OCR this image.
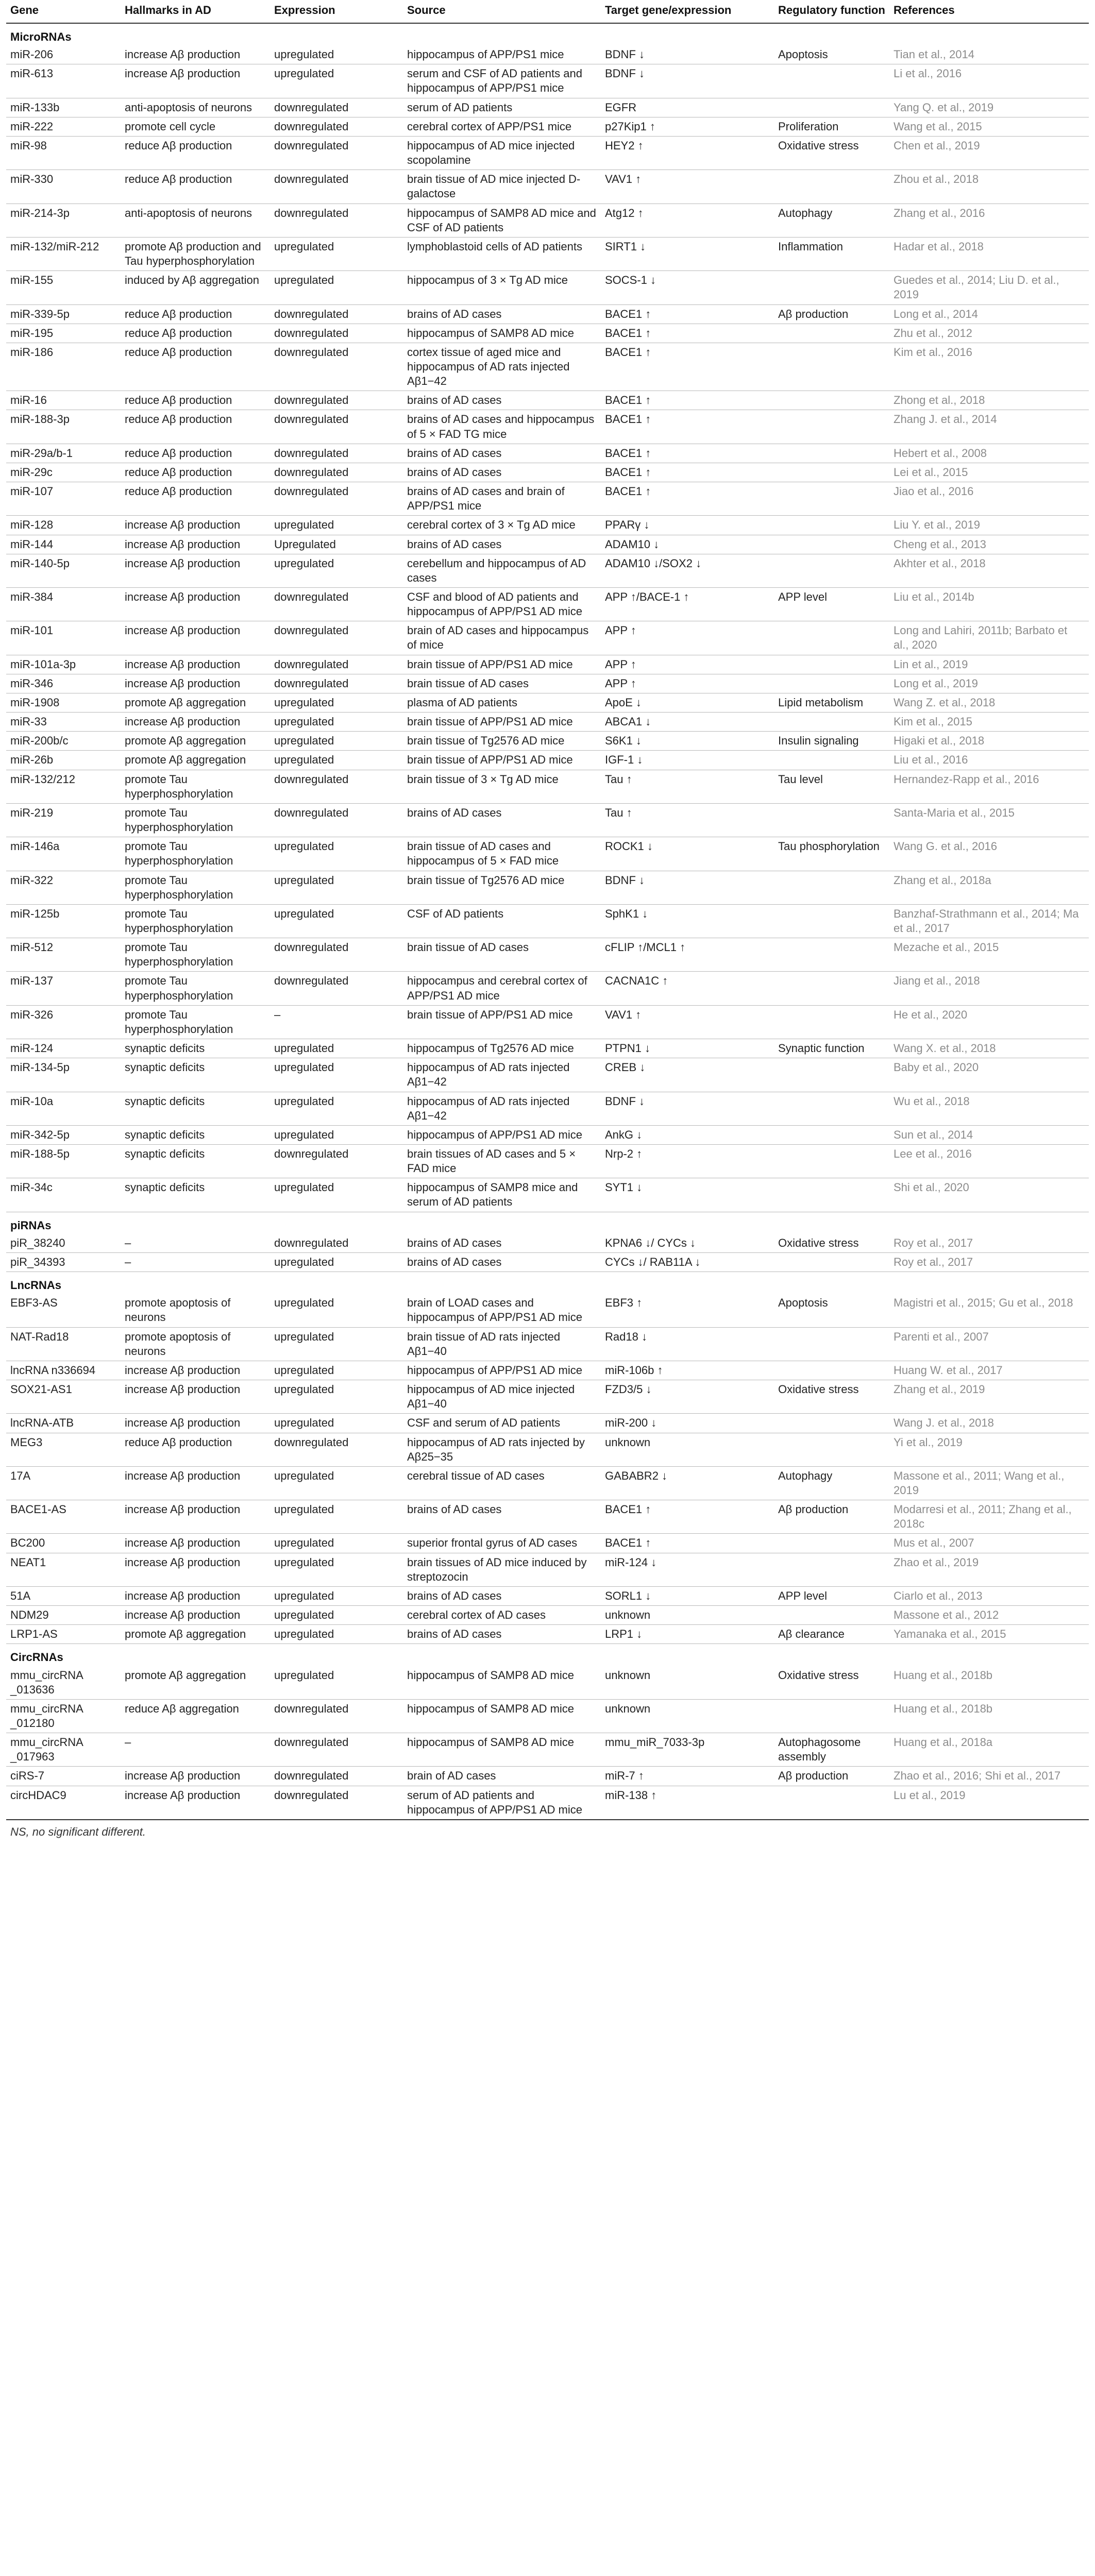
Gene	Hallmarks in AD	Expression	Source	Target gene/expression	Regulatory function	References
MicroRNAs						
miR-206	increase Aβ production	upregulated	hippocampus of APP/PS1 mice	BDNF ↓	Apoptosis	Tian et al., 2014
miR-613	increase Aβ production	upregulated	serum and CSF of AD patients and hippocampus of APP/PS1 mice	BDNF ↓		Li et al., 2016
miR-133b	anti-apoptosis of neurons	downregulated	serum of AD patients	EGFR		Yang Q. et al., 2019
miR-222	promote cell cycle	downregulated	cerebral cortex of APP/PS1 mice	p27Kip1 ↑	Proliferation	Wang et al., 2015
miR-98	reduce Aβ production	downregulated	hippocampus of AD mice injected scopolamine	HEY2 ↑	Oxidative stress	Chen et al., 2019
miR-330	reduce Aβ production	downregulated	brain tissue of AD mice injected D-galactose	VAV1 ↑		Zhou et al., 2018
miR-214-3p	anti-apoptosis of neurons	downregulated	hippocampus of SAMP8 AD mice and CSF of AD patients	Atg12 ↑	Autophagy	Zhang et al., 2016
miR-132/miR-212	promote Aβ production and Tau hyperphosphorylation	upregulated	lymphoblastoid cells of AD patients	SIRT1 ↓	Inflammation	Hadar et al., 2018
miR-155	induced by Aβ aggregation	upregulated	hippocampus of 3 × Tg AD mice	SOCS-1 ↓		Guedes et al., 2014; Liu D. et al., 2019
miR-339-5p	reduce Aβ production	downregulated	brains of AD cases	BACE1 ↑	Aβ production	Long et al., 2014
miR-195	reduce Aβ production	downregulated	hippocampus of SAMP8 AD mice	BACE1 ↑		Zhu et al., 2012
miR-186	reduce Aβ production	downregulated	cortex tissue of aged mice and hippocampus of AD rats injected Aβ1−42	BACE1 ↑		Kim et al., 2016
miR-16	reduce Aβ production	downregulated	brains of AD cases	BACE1 ↑		Zhong et al., 2018
miR-188-3p	reduce Aβ production	downregulated	brains of AD cases and hippocampus of 5 × FAD TG mice	BACE1 ↑		Zhang J. et al., 2014
miR-29a/b-1	reduce Aβ production	downregulated	brains of AD cases	BACE1 ↑		Hebert et al., 2008
miR-29c	reduce Aβ production	downregulated	brains of AD cases	BACE1 ↑		Lei et al., 2015
miR-107	reduce Aβ production	downregulated	brains of AD cases and brain of APP/PS1 mice	BACE1 ↑		Jiao et al., 2016
miR-128	increase Aβ production	upregulated	cerebral cortex of 3 × Tg AD mice	PPARγ ↓		Liu Y. et al., 2019
miR-144	increase Aβ production	Upregulated	brains of AD cases	ADAM10 ↓		Cheng et al., 2013
miR-140-5p	increase Aβ production	upregulated	cerebellum and hippocampus of AD cases	ADAM10 ↓/SOX2 ↓		Akhter et al., 2018
miR-384	increase Aβ production	downregulated	CSF and blood of AD patients and hippocampus of APP/PS1 AD mice	APP ↑/BACE-1 ↑	APP level	Liu et al., 2014b
miR-101	increase Aβ production	downregulated	brain of AD cases and hippocampus of mice	APP ↑		Long and Lahiri, 2011b; Barbato et al., 2020
miR-101a-3p	increase Aβ production	downregulated	brain tissue of APP/PS1 AD mice	APP ↑		Lin et al., 2019
miR-346	increase Aβ production	downregulated	brain tissue of AD cases	APP ↑		Long et al., 2019
miR-1908	promote Aβ aggregation	upregulated	plasma of AD patients	ApoE ↓	Lipid metabolism	Wang Z. et al., 2018
miR-33	increase Aβ production	upregulated	brain tissue of APP/PS1 AD mice	ABCA1 ↓		Kim et al., 2015
miR-200b/c	promote Aβ aggregation	upregulated	brain tissue of Tg2576 AD mice	S6K1 ↓	Insulin signaling	Higaki et al., 2018
miR-26b	promote Aβ aggregation	upregulated	brain tissue of APP/PS1 AD mice	IGF-1 ↓		Liu et al., 2016
miR-132/212	promote Tau hyperphosphorylation	downregulated	brain tissue of 3 × Tg AD mice	Tau ↑	Tau level	Hernandez-Rapp et al., 2016
miR-219	promote Tau hyperphosphorylation	downregulated	brains of AD cases	Tau ↑		Santa-Maria et al., 2015
miR-146a	promote Tau hyperphosphorylation	upregulated	brain tissue of AD cases and hippocampus of 5 × FAD mice	ROCK1 ↓	Tau phosphorylation	Wang G. et al., 2016
miR-322	promote Tau hyperphosphorylation	upregulated	brain tissue of Tg2576 AD mice	BDNF ↓		Zhang et al., 2018a
miR-125b	promote Tau hyperphosphorylation	upregulated	CSF of AD patients	SphK1 ↓		Banzhaf-Strathmann et al., 2014; Ma et al., 2017
miR-512	promote Tau hyperphosphorylation	downregulated	brain tissue of AD cases	cFLIP ↑/MCL1 ↑		Mezache et al., 2015
miR-137	promote Tau hyperphosphorylation	downregulated	hippocampus and cerebral cortex of APP/PS1 AD mice	CACNA1C ↑		Jiang et al., 2018
miR-326	promote Tau hyperphosphorylation	–	brain tissue of APP/PS1 AD mice	VAV1 ↑		He et al., 2020
miR-124	synaptic deficits	upregulated	hippocampus of Tg2576 AD mice	PTPN1 ↓	Synaptic function	Wang X. et al., 2018
miR-134-5p	synaptic deficits	upregulated	hippocampus of AD rats injected Aβ1−42	CREB ↓		Baby et al., 2020
miR-10a	synaptic deficits	upregulated	hippocampus of AD rats injected Aβ1−42	BDNF ↓		Wu et al., 2018
miR-342-5p	synaptic deficits	upregulated	hippocampus of APP/PS1 AD mice	AnkG ↓		Sun et al., 2014
miR-188-5p	synaptic deficits	downregulated	brain tissues of AD cases and 5 × FAD mice	Nrp-2 ↑		Lee et al., 2016
miR-34c	synaptic deficits	upregulated	hippocampus of SAMP8 mice and serum of AD patients	SYT1 ↓		Shi et al., 2020
piRNAs						
piR_38240	–	downregulated	brains of AD cases	KPNA6 ↓/ CYCs ↓	Oxidative stress	Roy et al., 2017
piR_34393	–	upregulated	brains of AD cases	CYCs ↓/ RAB11A ↓		Roy et al., 2017
LncRNAs						
EBF3-AS	promote apoptosis of neurons	upregulated	brain of LOAD cases and hippocampus of APP/PS1 AD mice	EBF3 ↑	Apoptosis	Magistri et al., 2015; Gu et al., 2018
NAT-Rad18	promote apoptosis of neurons	upregulated	brain tissue of AD rats injected Aβ1−40	Rad18 ↓		Parenti et al., 2007
lncRNA n336694	increase Aβ production	upregulated	hippocampus of APP/PS1 AD mice	miR-106b ↑		Huang W. et al., 2017
SOX21-AS1	increase Aβ production	upregulated	hippocampus of AD mice injected Aβ1−40	FZD3/5 ↓	Oxidative stress	Zhang et al., 2019
lncRNA-ATB	increase Aβ production	upregulated	CSF and serum of AD patients	miR-200 ↓		Wang J. et al., 2018
MEG3	reduce Aβ production	downregulated	hippocampus of AD rats injected by Aβ25−35	unknown		Yi et al., 2019
17A	increase Aβ production	upregulated	cerebral tissue of AD cases	GABABR2 ↓	Autophagy	Massone et al., 2011; Wang et al., 2019
BACE1-AS	increase Aβ production	upregulated	brains of AD cases	BACE1 ↑	Aβ production	Modarresi et al., 2011; Zhang et al., 2018c
BC200	increase Aβ production	upregulated	superior frontal gyrus of AD cases	BACE1 ↑		Mus et al., 2007
NEAT1	increase Aβ production	upregulated	brain tissues of AD mice induced by streptozocin	miR-124 ↓		Zhao et al., 2019
51A	increase Aβ production	upregulated	brains of AD cases	SORL1 ↓	APP level	Ciarlo et al., 2013
NDM29	increase Aβ production	upregulated	cerebral cortex of AD cases	unknown		Massone et al., 2012
LRP1-AS	promote Aβ aggregation	upregulated	brains of AD cases	LRP1 ↓	Aβ clearance	Yamanaka et al., 2015
CircRNAs						
mmu_circRNA _013636	promote Aβ aggregation	upregulated	hippocampus of SAMP8 AD mice	unknown	Oxidative stress	Huang et al., 2018b
mmu_circRNA _012180	reduce Aβ aggregation	downregulated	hippocampus of SAMP8 AD mice	unknown		Huang et al., 2018b
mmu_circRNA _017963	–	downregulated	hippocampus of SAMP8 AD mice	mmu_miR_7033-3p	Autophagosome assembly	Huang et al., 2018a
ciRS-7	increase Aβ production	downregulated	brain of AD cases	miR-7 ↑	Aβ production	Zhao et al., 2016; Shi et al., 2017
circHDAC9	increase Aβ production	downregulated	serum of AD patients and hippocampus of APP/PS1 AD mice	miR-138 ↑		Lu et al., 2019
NS, no significant different.
